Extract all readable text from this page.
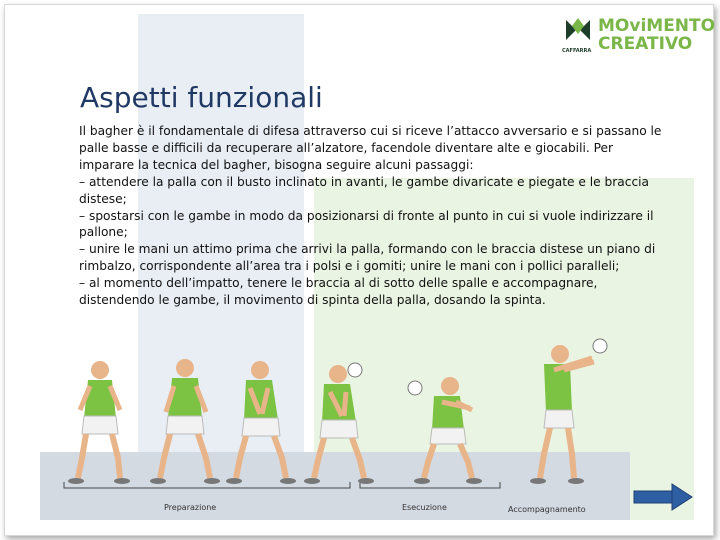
CAFFARRA
MOviMENTO
CREATIVO
Aspetti funzionali

Il bagher è il fondamentale di difesa attraverso cui si riceve l’attacco avversario e si passano le palle basse e difficili da recuperare all’alzatore, facendole diventare alte e giocabili. Per imparare la tecnica del bagher, bisogna seguire alcuni passaggi:

– attendere la palla con il busto inclinato in avanti, le gambe divaricate e piegate e le braccia distese;

– spostarsi con le gambe in modo da posizionarsi di fronte al punto in cui si vuole indirizzare il pallone;

– unire le mani un attimo prima che arrivi la palla, formando con le braccia distese un piano di rimbalzo, corrispondente all’area tra i polsi e i gomiti; unire le mani con i pollici paralleli;

– al momento dell’impatto, tenere le braccia al di sotto delle spalle e accompagnare, distendendo le gambe, il movimento di spinta della palla, dosando la spinta.

Preparazione	Esecuzione	Accompagnamento
